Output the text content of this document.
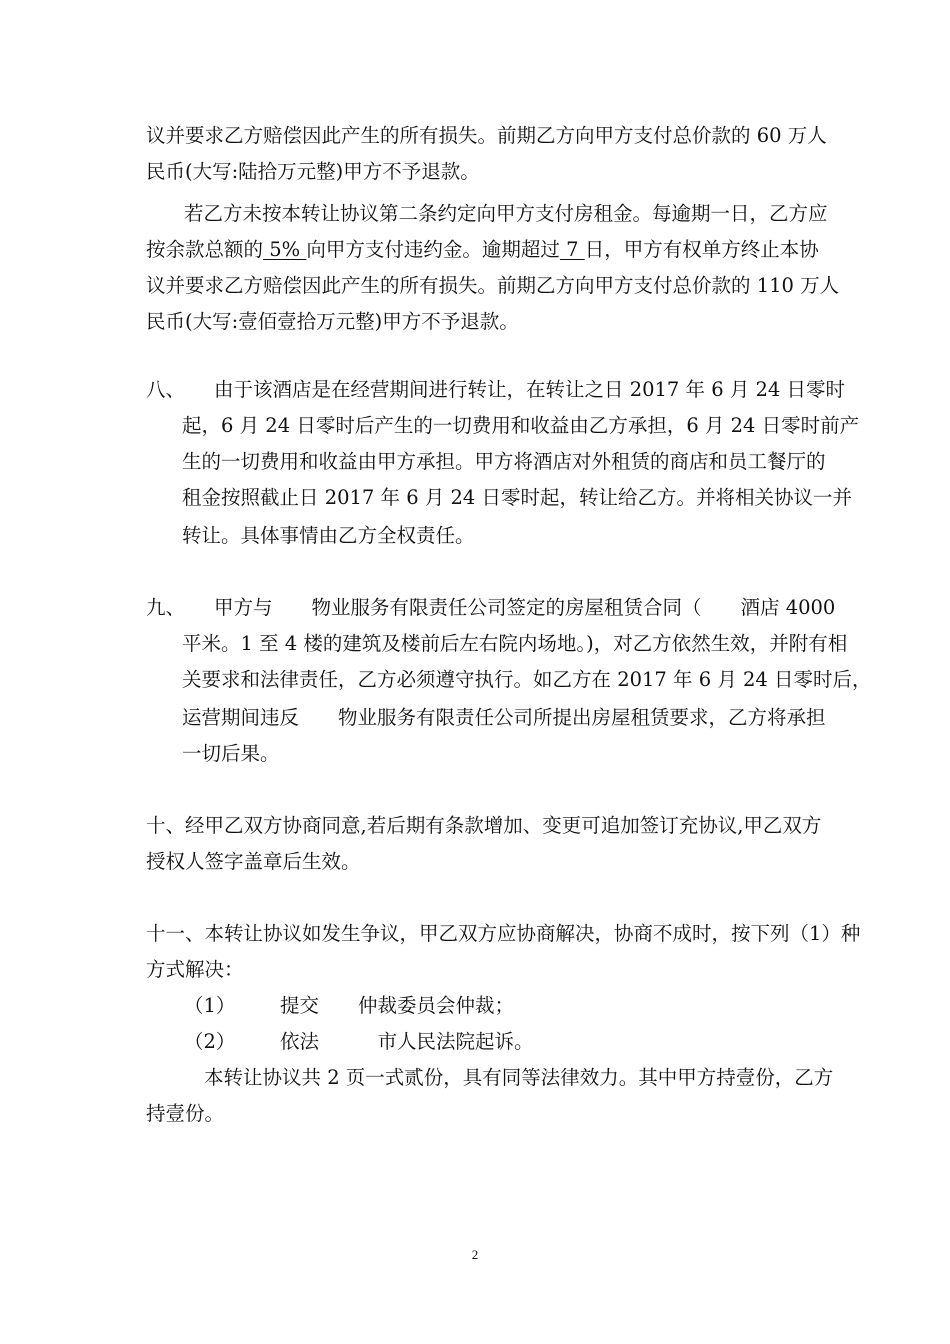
议并要求乙方赔偿因此产生的所有损失。前期乙方向甲方支付总价款的 60 万人
民币(大写:陆拾万元整)甲方不予退款。
若乙方未按本转让协议第二条约定向甲方支付房租金。每逾期一日，乙方应
按余款总额的 5% 向甲方支付违约金。逾期超过 7 日，甲方有权单方终止本协
议并要求乙方赔偿因此产生的所有损失。前期乙方向甲方支付总价款的 110 万人
民币(大写:壹佰壹拾万元整)甲方不予退款。
八、 由于该酒店是在经营期间进行转让，在转让之日 2017 年 6 月 24 日零时
起，6 月 24 日零时后产生的一切费用和收益由乙方承担，6 月 24 日零时前产
生的一切费用和收益由甲方承担。甲方将酒店对外租赁的商店和员工餐厅的
租金按照截止日 2017 年 6 月 24 日零时起，转让给乙方。并将相关协议一并
转让。具体事情由乙方全权责任。
九、 甲方与　　物业服务有限责任公司签定的房屋租赁合同（　　酒店 4000
平米。1 至 4 楼的建筑及楼前后左右院内场地。)，对乙方依然生效，并附有相
关要求和法律责任，乙方必须遵守执行。如乙方在 2017 年 6 月 24 日零时后，
运营期间违反　　物业服务有限责任公司所提出房屋租赁要求，乙方将承担
一切后果。
十、经甲乙双方协商同意,若后期有条款增加、变更可追加签订充协议,甲乙双方
授权人签字盖章后生效。
十一、本转让协议如发生争议，甲乙双方应协商解决，协商不成时，按下列（1）种
方式解决：
（1） 提交　　仲裁委员会仲裁；
（2） 依法　　　市人民法院起诉。
本转让协议共 2 页一式贰份，具有同等法律效力。其中甲方持壹份，乙方
持壹份。
2
